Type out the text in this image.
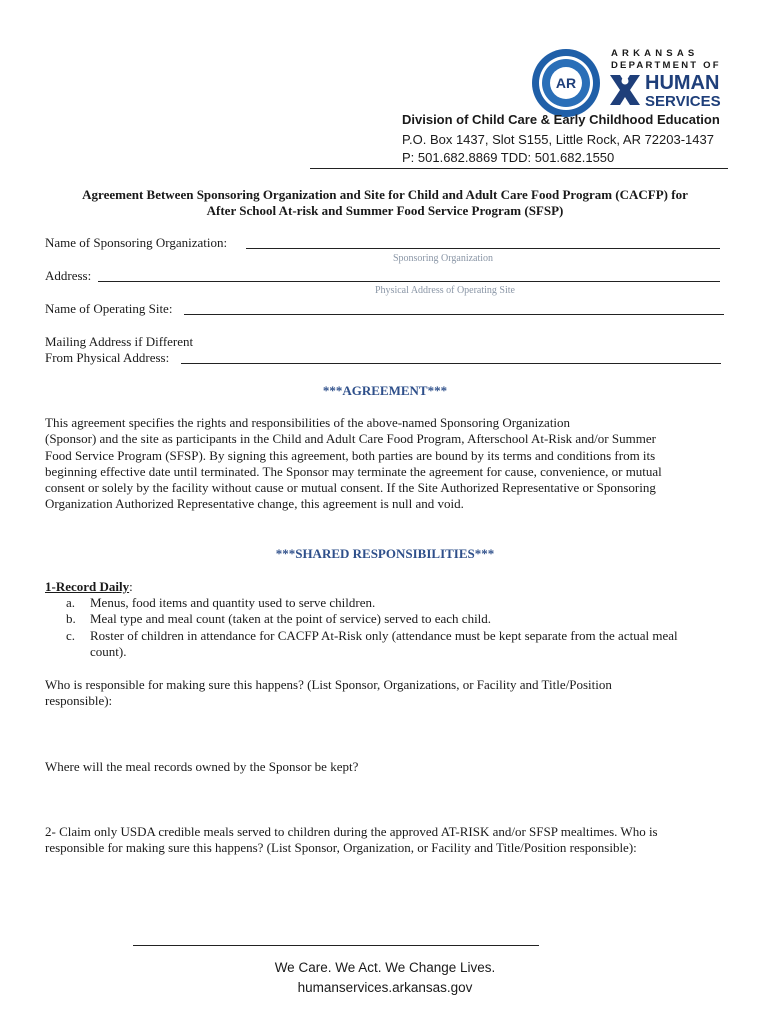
AR
ARKANSAS
DEPARTMENT OF
HUMAN
SERVICES
Division of Child Care & Early Childhood Education
P.O. Box 1437, Slot S155, Little Rock, AR 72203-1437
P: 501.682.8869 TDD: 501.682.1550
Agreement Between Sponsoring Organization and Site for Child and Adult Care Food Program (CACFP) for
After School At-risk and Summer Food Service Program (SFSP)
Name of Sponsoring Organization:
Sponsoring Organization
Address:
Physical Address of Operating Site
Name of Operating Site:
Mailing Address if Different
From Physical Address:
***AGREEMENT***
This agreement specifies the rights and responsibilities of the above-named Sponsoring Organization
(Sponsor) and the site as participants in the Child and Adult Care Food Program, Afterschool At-Risk and/or Summer
Food Service Program (SFSP). By signing this agreement, both parties are bound by its terms and conditions from its
beginning effective date until terminated. The Sponsor may terminate the agreement for cause, convenience, or mutual
consent or solely by the facility without cause or mutual consent. If the Site Authorized Representative or Sponsoring
Organization Authorized Representative change, this agreement is null and void.
***SHARED RESPONSIBILITIES***
1-Record Daily:
a.	Menus, food items and quantity used to serve children.
b.	Meal type and meal count (taken at the point of service) served to each child.
c.	Roster of children in attendance for CACFP At-Risk only (attendance must be kept separate from the actual meal
count).
Who is responsible for making sure this happens? (List Sponsor, Organizations, or Facility and Title/Position
responsible):
Where will the meal records owned by the Sponsor be kept?
2- Claim only USDA credible meals served to children during the approved AT-RISK and/or SFSP mealtimes. Who is
responsible for making sure this happens? (List Sponsor, Organization, or Facility and Title/Position responsible):
We Care. We Act. We Change Lives.
humanservices.arkansas.gov
